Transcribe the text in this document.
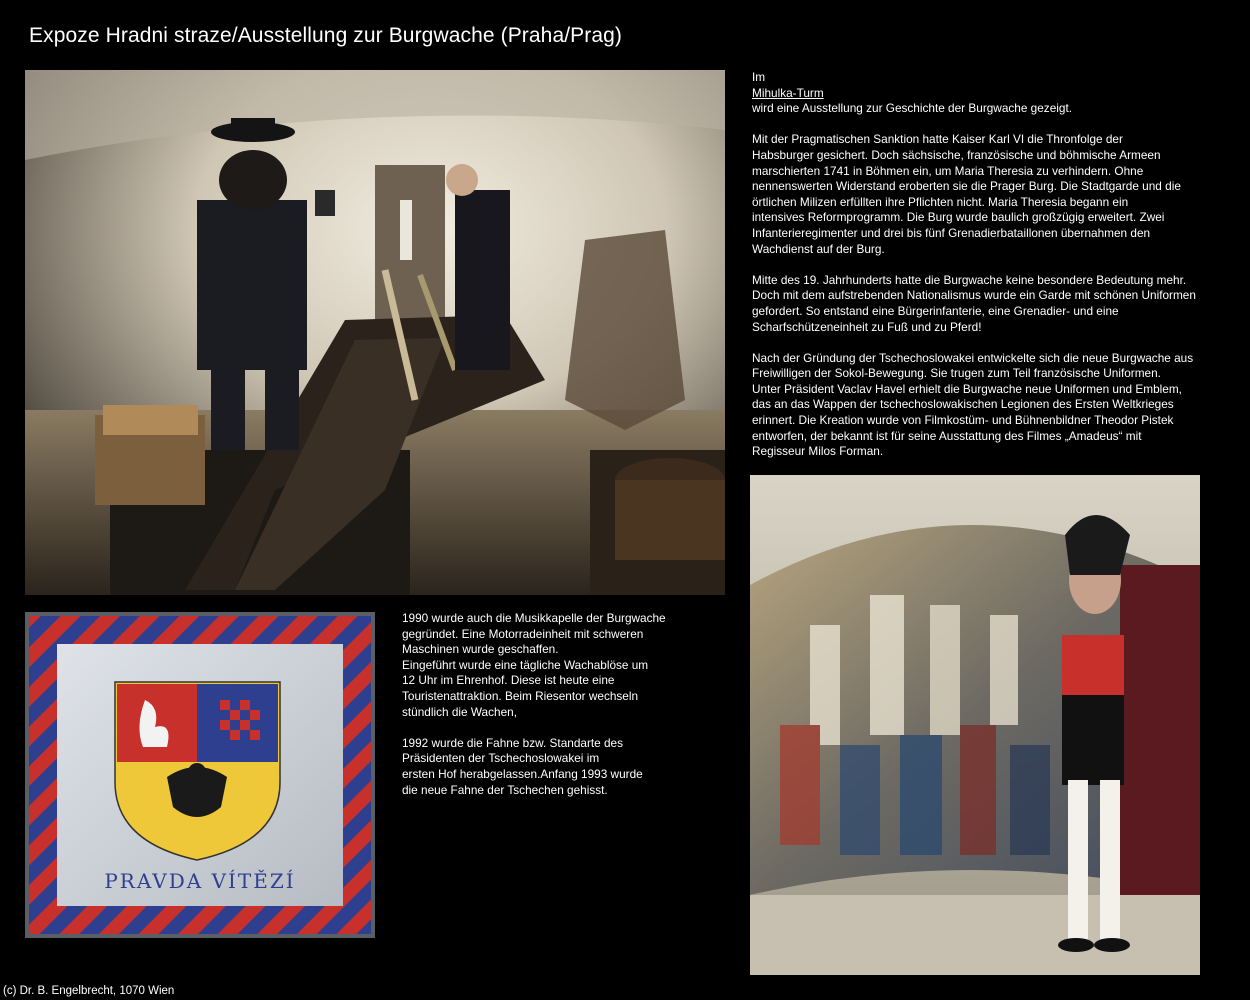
Expoze Hradni straze/Ausstellung zur Burgwache (Praha/Prag)

Im
Mihulka-Turm
wird eine Ausstellung zur Geschichte der Burgwache gezeigt.

Mit der Pragmatischen Sanktion hatte Kaiser Karl VI die Thronfolge der
Habsburger gesichert. Doch sächsische, französische und böhmische Armeen
marschierten 1741 in Böhmen ein, um Maria Theresia zu verhindern. Ohne
nennenswerten Widerstand eroberten sie die Prager Burg. Die Stadtgarde und die
örtlichen Milizen erfüllten ihre Pflichten nicht. Maria Theresia begann ein
intensives Reformprogramm. Die Burg wurde baulich großzügig erweitert. Zwei
Infanterieregimenter und drei bis fünf Grenadierbataillonen übernahmen den
Wachdienst auf der Burg.

Mitte des 19. Jahrhunderts hatte die Burgwache keine besondere Bedeutung mehr.
Doch mit dem aufstrebenden Nationalismus wurde ein Garde mit schönen Uniformen
gefordert. So entstand eine Bürgerinfanterie, eine Grenadier- und eine
Scharfschützeneinheit zu Fuß und zu Pferd!

Nach der Gründung der Tschechoslowakei entwickelte sich die neue Burgwache aus
Freiwilligen der Sokol-Bewegung. Sie trugen zum Teil französische Uniformen.
Unter Präsident Vaclav Havel erhielt die Burgwache neue Uniformen und Emblem,
das an das Wappen der tschechoslowakischen Legionen des Ersten Weltkrieges
erinnert. Die Kreation wurde von Filmkostüm- und Bühnenbildner Theodor Pistek
entworfen, der bekannt ist für seine Ausstattung des Filmes „Amadeus“ mit
Regisseur Milos Forman.

PRAVDA VÍTĚZÍ

1990 wurde auch die Musikkapelle der Burgwache
gegründet. Eine Motorradeinheit mit schweren
Maschinen wurde geschaffen.
Eingeführt wurde eine tägliche Wachablöse um
12 Uhr im Ehrenhof. Diese ist heute eine
Touristenattraktion. Beim Riesentor wechseln
stündlich die Wachen,

1992 wurde die Fahne bzw. Standarte des
Präsidenten der Tschechoslowakei im
ersten Hof herabgelassen.Anfang 1993 wurde
die neue Fahne der Tschechen gehisst.

(c) Dr. B. Engelbrecht, 1070 Wien
